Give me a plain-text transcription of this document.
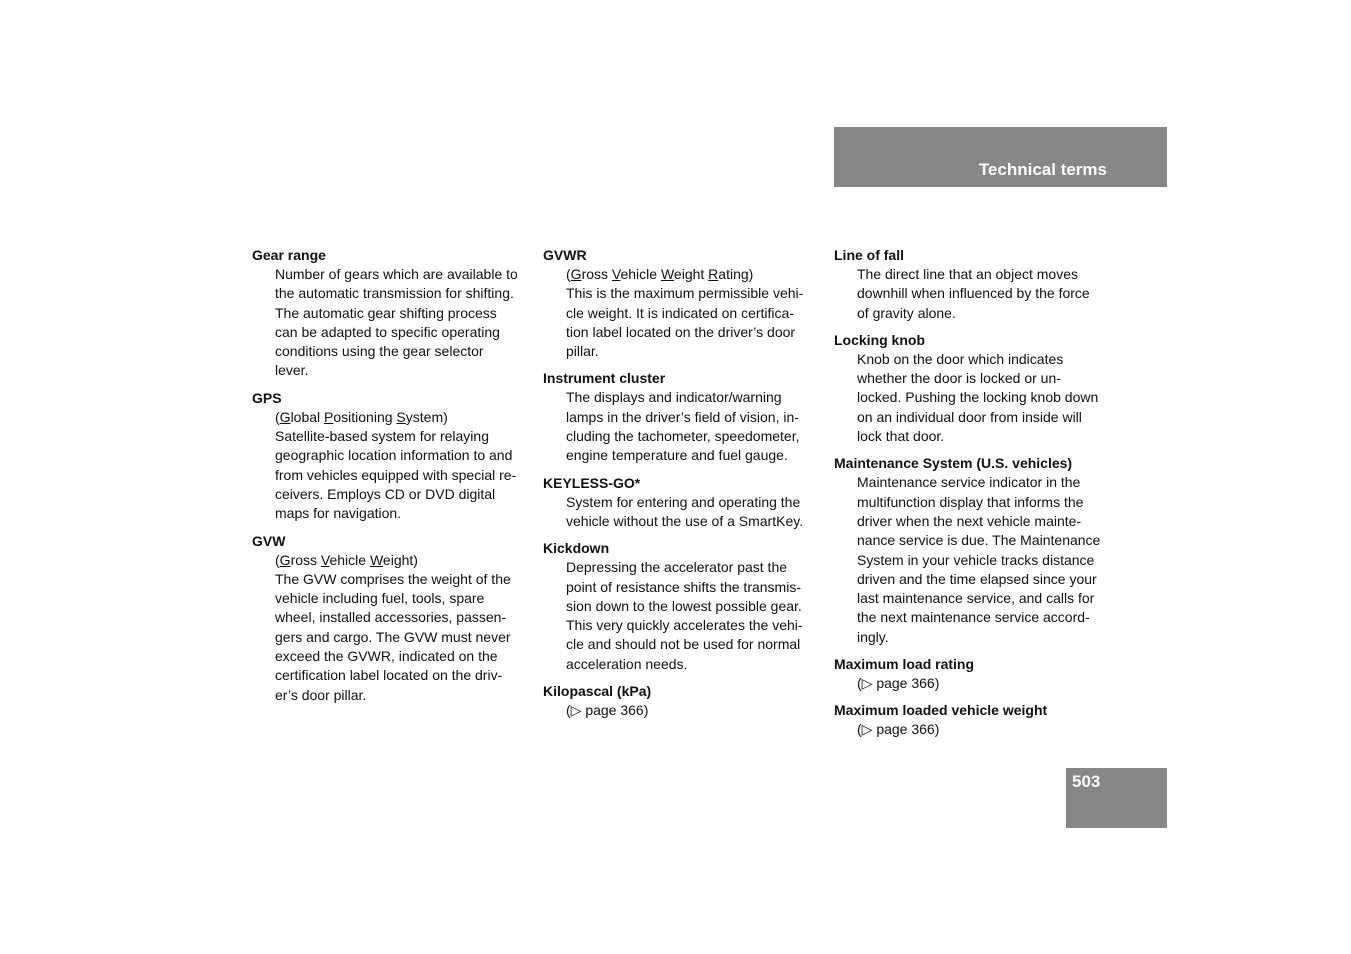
Technical terms
Gear range
Number of gears which are available to
the automatic transmission for shifting.
The automatic gear shifting process
can be adapted to specific operating
conditions using the gear selector
lever.
GPS
(Global Positioning System)
Satellite-based system for relaying
geographic location information to and
from vehicles equipped with special re-
ceivers. Employs CD or DVD digital
maps for navigation.
GVW
(Gross Vehicle Weight)
The GVW comprises the weight of the
vehicle including fuel, tools, spare
wheel, installed accessories, passen-
gers and cargo. The GVW must never
exceed the GVWR, indicated on the
certification label located on the driv-
er’s door pillar.
GVWR
(Gross Vehicle Weight Rating)
This is the maximum permissible vehi-
cle weight. It is indicated on certifica-
tion label located on the driver’s door
pillar.
Instrument cluster
The displays and indicator/warning
lamps in the driver’s field of vision, in-
cluding the tachometer, speedometer,
engine temperature and fuel gauge.
KEYLESS-GO*
System for entering and operating the
vehicle without the use of a SmartKey.
Kickdown
Depressing the accelerator past the
point of resistance shifts the transmis-
sion down to the lowest possible gear.
This very quickly accelerates the vehi-
cle and should not be used for normal
acceleration needs.
Kilopascal (kPa)
(▷ page 366)
Line of fall
The direct line that an object moves
downhill when influenced by the force
of gravity alone.
Locking knob
Knob on the door which indicates
whether the door is locked or un-
locked. Pushing the locking knob down
on an individual door from inside will
lock that door.
Maintenance System (U.S. vehicles)
Maintenance service indicator in the
multifunction display that informs the
driver when the next vehicle mainte-
nance service is due. The Maintenance
System in your vehicle tracks distance
driven and the time elapsed since your
last maintenance service, and calls for
the next maintenance service accord-
ingly.
Maximum load rating
(▷ page 366)
Maximum loaded vehicle weight
(▷ page 366)
503
